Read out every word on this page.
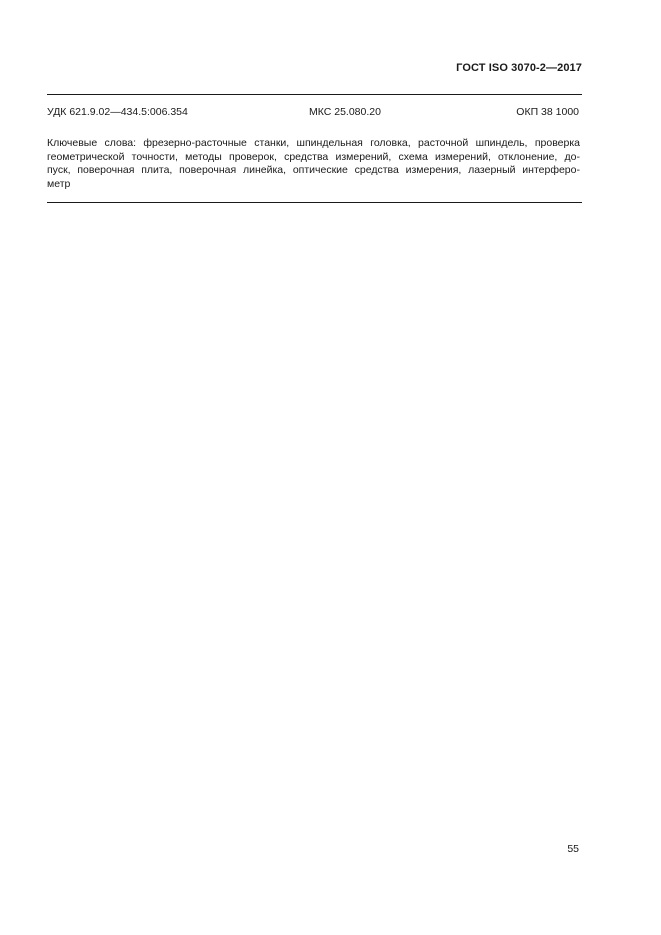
ГОСТ ISO 3070-2—2017
УДК 621.9.02—434.5:006.354	МКС 25.080.20	ОКП 38 1000
Ключевые слова: фрезерно-расточные станки, шпиндельная головка, расточной шпиндель, проверка
геометрической точности, методы проверок, средства измерений, схема измерений, отклонение, до-
пуск, поверочная плита, поверочная линейка, оптические средства измерения, лазерный интерферо-
метр
55
